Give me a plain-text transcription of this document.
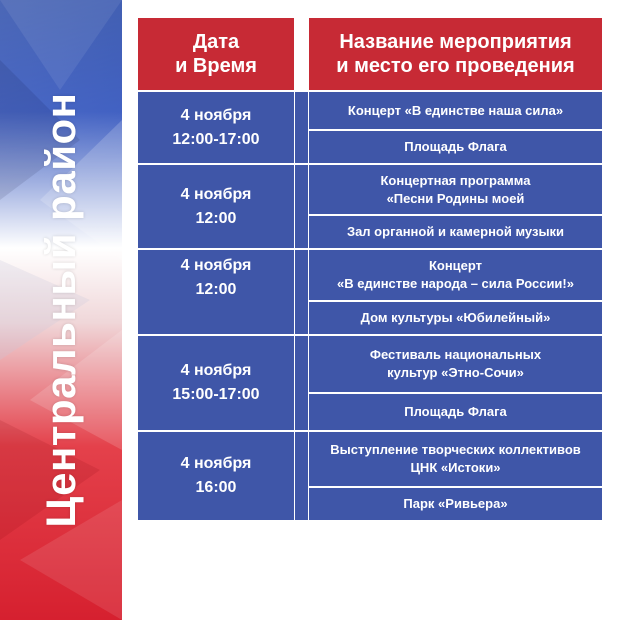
Центральный район
Дата
и Время
Название мероприятия
и место его проведения
4 ноября
12:00-17:00
Концерт «В единстве наша сила»
Площадь Флага
4 ноября
12:00
Концертная программа
«Песни Родины моей
Зал органной и камерной музыки
4 ноября
12:00
Концерт
«В единстве народа – сила России!»
Дом культуры «Юбилейный»
4 ноября
15:00-17:00
Фестиваль национальных
культур «Этно-Сочи»
Площадь Флага
4 ноября
16:00
Выступление творческих коллективов
ЦНК «Истоки»
Парк «Ривьера»
